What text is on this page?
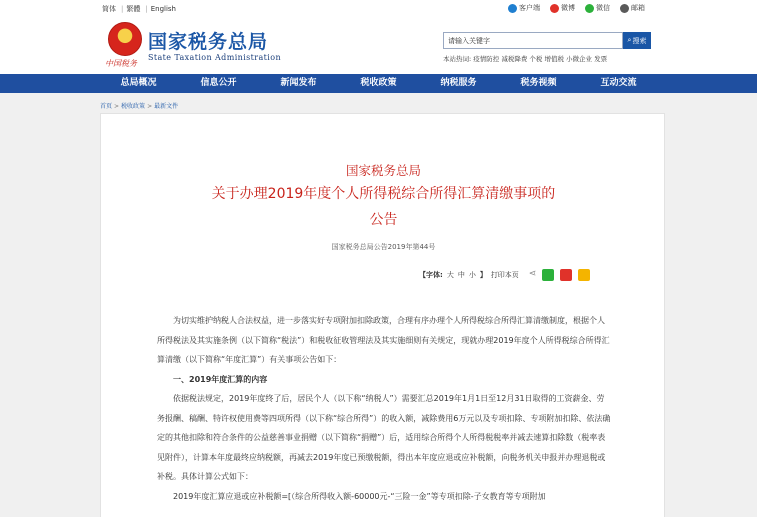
简体 | 繁體 | English	客户端	微博	微信	邮箱
中国税务
国家税务总局
State Taxation Administration
请输入关键字	⌕ 搜索
本站热词: 疫情防控 减税降费 个税 增值税 小微企业 发票
总局概况	信息公开	新闻发布	税收政策	纳税服务	税务视频	互动交流
首页 > 税收政策 > 最新文件
国家税务总局
关于办理2019年度个人所得税综合所得汇算清缴事项的
公告
国家税务总局公告2019年第44号
【字体: 大 中 小 】 打印本页 ⋖
为切实维护纳税人合法权益，进一步落实好专项附加扣除政策，合理有序办理个人所得税综合所得汇算清缴制度，根据个人所得税法及其实施条例（以下简称“税法”）和税收征收管理法及其实施细则有关规定，现就办理2019年度个人所得税综合所得汇算清缴（以下简称“年度汇算”）有关事项公告如下：
一、2019年度汇算的内容
依据税法规定，2019年度终了后，居民个人（以下称“纳税人”）需要汇总2019年1月1日至12月31日取得的工资薪金、劳务报酬、稿酬、特许权使用费等四项所得（以下称“综合所得”）的收入额，减除费用6万元以及专项扣除、专项附加扣除、依法确定的其他扣除和符合条件的公益慈善事业捐赠（以下简称“捐赠”）后，适用综合所得个人所得税税率并减去速算扣除数（税率表见附件），计算本年度最终应纳税额，再减去2019年度已预缴税额，得出本年度应退或应补税额，向税务机关申报并办理退税或补税。具体计算公式如下：
2019年度汇算应退或应补税额=[（综合所得收入额-60000元-“三险一金”等专项扣除-子女教育等专项附加
